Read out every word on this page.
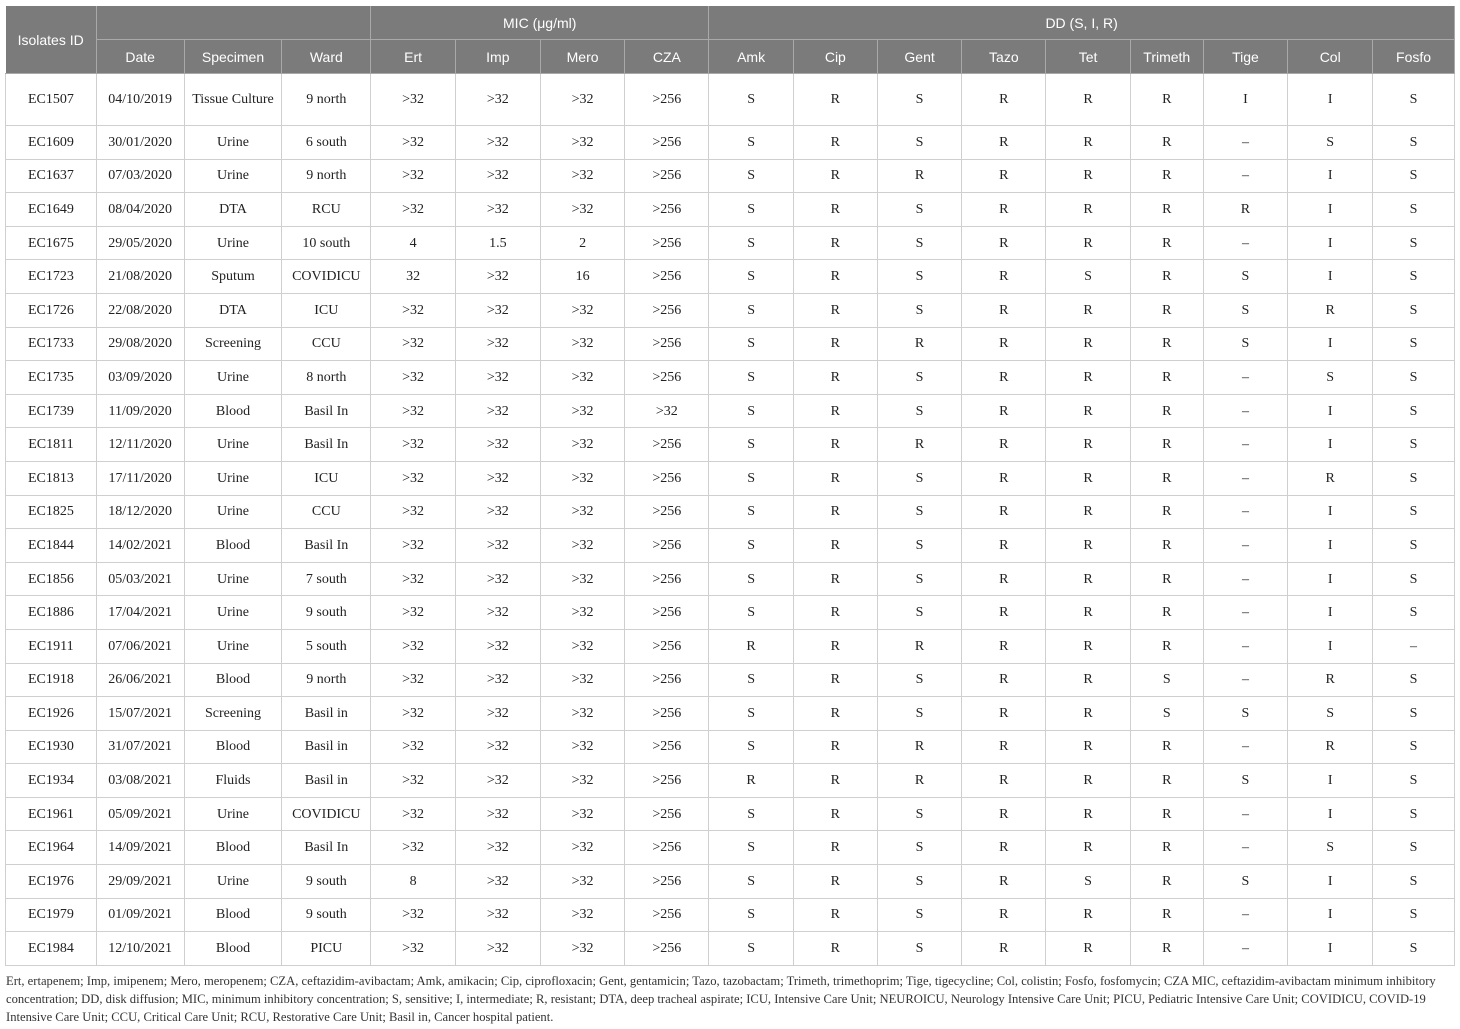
Isolates ID				MIC (μg/ml)				DD (S, I, R)								
	Date	Specimen	Ward	Ert	Imp	Mero	CZA	Amk	Cip	Gent	Tazo	Tet	Trimeth	Tige	Col	Fosfo
EC1507	04/10/2019	Tissue Culture	9 north	>32	>32	>32	>256	S	R	S	R	R	R	I	I	S
EC1609	30/01/2020	Urine	6 south	>32	>32	>32	>256	S	R	S	R	R	R	–	S	S
EC1637	07/03/2020	Urine	9 north	>32	>32	>32	>256	S	R	R	R	R	R	–	I	S
EC1649	08/04/2020	DTA	RCU	>32	>32	>32	>256	S	R	S	R	R	R	R	I	S
EC1675	29/05/2020	Urine	10 south	4	1.5	2	>256	S	R	S	R	R	R	–	I	S
EC1723	21/08/2020	Sputum	COVIDICU	32	>32	16	>256	S	R	S	R	S	R	S	I	S
EC1726	22/08/2020	DTA	ICU	>32	>32	>32	>256	S	R	S	R	R	R	S	R	S
EC1733	29/08/2020	Screening	CCU	>32	>32	>32	>256	S	R	R	R	R	R	S	I	S
EC1735	03/09/2020	Urine	8 north	>32	>32	>32	>256	S	R	S	R	R	R	–	S	S
EC1739	11/09/2020	Blood	Basil In	>32	>32	>32	>32	S	R	S	R	R	R	–	I	S
EC1811	12/11/2020	Urine	Basil In	>32	>32	>32	>256	S	R	R	R	R	R	–	I	S
EC1813	17/11/2020	Urine	ICU	>32	>32	>32	>256	S	R	S	R	R	R	–	R	S
EC1825	18/12/2020	Urine	CCU	>32	>32	>32	>256	S	R	S	R	R	R	–	I	S
EC1844	14/02/2021	Blood	Basil In	>32	>32	>32	>256	S	R	S	R	R	R	–	I	S
EC1856	05/03/2021	Urine	7 south	>32	>32	>32	>256	S	R	S	R	R	R	–	I	S
EC1886	17/04/2021	Urine	9 south	>32	>32	>32	>256	S	R	S	R	R	R	–	I	S
EC1911	07/06/2021	Urine	5 south	>32	>32	>32	>256	R	R	R	R	R	R	–	I	–
EC1918	26/06/2021	Blood	9 north	>32	>32	>32	>256	S	R	S	R	R	S	–	R	S
EC1926	15/07/2021	Screening	Basil in	>32	>32	>32	>256	S	R	S	R	R	S	S	S	S
EC1930	31/07/2021	Blood	Basil in	>32	>32	>32	>256	S	R	R	R	R	R	–	R	S
EC1934	03/08/2021	Fluids	Basil in	>32	>32	>32	>256	R	R	R	R	R	R	S	I	S
EC1961	05/09/2021	Urine	COVIDICU	>32	>32	>32	>256	S	R	S	R	R	R	–	I	S
EC1964	14/09/2021	Blood	Basil In	>32	>32	>32	>256	S	R	S	R	R	R	–	S	S
EC1976	29/09/2021	Urine	9 south	8	>32	>32	>256	S	R	S	R	S	R	S	I	S
EC1979	01/09/2021	Blood	9 south	>32	>32	>32	>256	S	R	S	R	R	R	–	I	S
EC1984	12/10/2021	Blood	PICU	>32	>32	>32	>256	S	R	S	R	R	R	–	I	S
Ert, ertapenem; Imp, imipenem; Mero, meropenem; CZA, ceftazidim-avibactam; Amk, amikacin; Cip, ciprofloxacin; Gent, gentamicin; Tazo, tazobactam; Trimeth, trimethoprim; Tige, tigecycline; Col, colistin; Fosfo, fosfomycin; CZA MIC, ceftazidim-avibactam minimum inhibitory concentration; DD, disk diffusion; MIC, minimum inhibitory concentration; S, sensitive; I, intermediate; R, resistant; DTA, deep tracheal aspirate; ICU, Intensive Care Unit; NEUROICU, Neurology Intensive Care Unit; PICU, Pediatric Intensive Care Unit; COVIDICU, COVID-19 Intensive Care Unit; CCU, Critical Care Unit; RCU, Restorative Care Unit; Basil in, Cancer hospital patient.
